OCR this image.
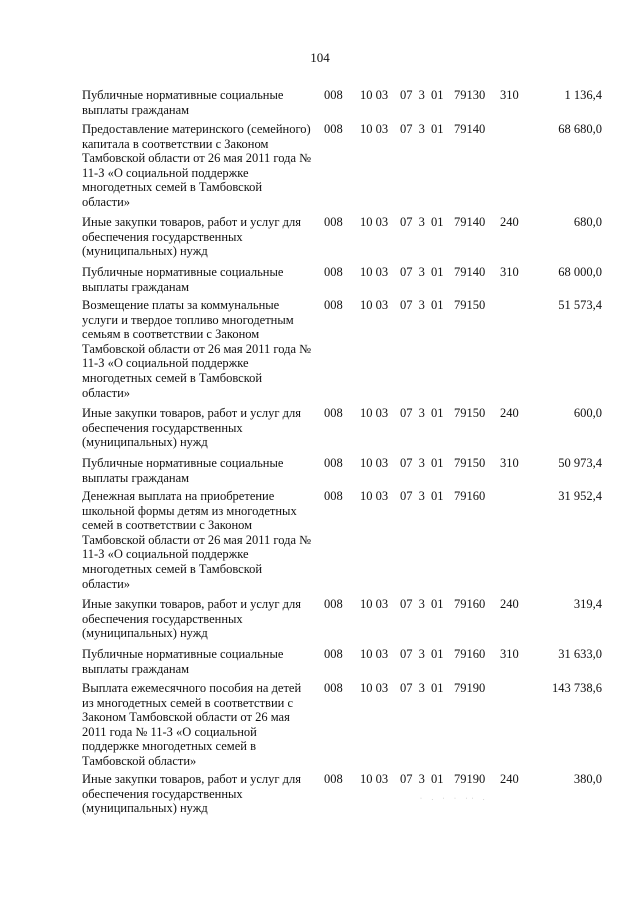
104
Публичные нормативные социальные выплаты гражданам
008 10 03 07 3 01 79130 310	1 136,4
Предоставление материнского (семейного) капитала в соответствии с Законом Тамбовской области от 26 мая 2011 года № 11-З «О социальной поддержке многодетных семей в Тамбовской области»
008 10 03 07 3 01 79140	68 680,0
Иные закупки товаров, работ и услуг для обеспечения государственных (муниципальных) нужд
008 10 03 07 3 01 79140 240	680,0
Публичные нормативные социальные выплаты гражданам
008 10 03 07 3 01 79140 310	68 000,0
Возмещение платы за коммунальные услуги и твердое топливо многодетным семьям в соответствии с Законом Тамбовской области от 26 мая 2011 года № 11-З «О социальной поддержке многодетных семей в Тамбовской области»
008 10 03 07 3 01 79150	51 573,4
Иные закупки товаров, работ и услуг для обеспечения государственных (муниципальных) нужд
008 10 03 07 3 01 79150 240	600,0
Публичные нормативные социальные выплаты гражданам
008 10 03 07 3 01 79150 310	50 973,4
Денежная выплата на приобретение школьной формы детям из многодетных семей в соответствии с Законом Тамбовской области от 26 мая 2011 года № 11-З «О социальной поддержке многодетных семей в Тамбовской области»
008 10 03 07 3 01 79160	31 952,4
Иные закупки товаров, работ и услуг для обеспечения государственных (муниципальных) нужд
008 10 03 07 3 01 79160 240	319,4
Публичные нормативные социальные выплаты гражданам
008 10 03 07 3 01 79160 310	31 633,0
Выплата ежемесячного пособия на детей из многодетных семей в соответствии с Законом Тамбовской области от 26 мая 2011 года № 11-З «О социальной поддержке многодетных семей в Тамбовской области»
008 10 03 07 3 01 79190	143 738,6
Иные закупки товаров, работ и услуг для обеспечения государственных (муниципальных) нужд
008 10 03 07 3 01 79190 240	380,0
· . · · ·· .
